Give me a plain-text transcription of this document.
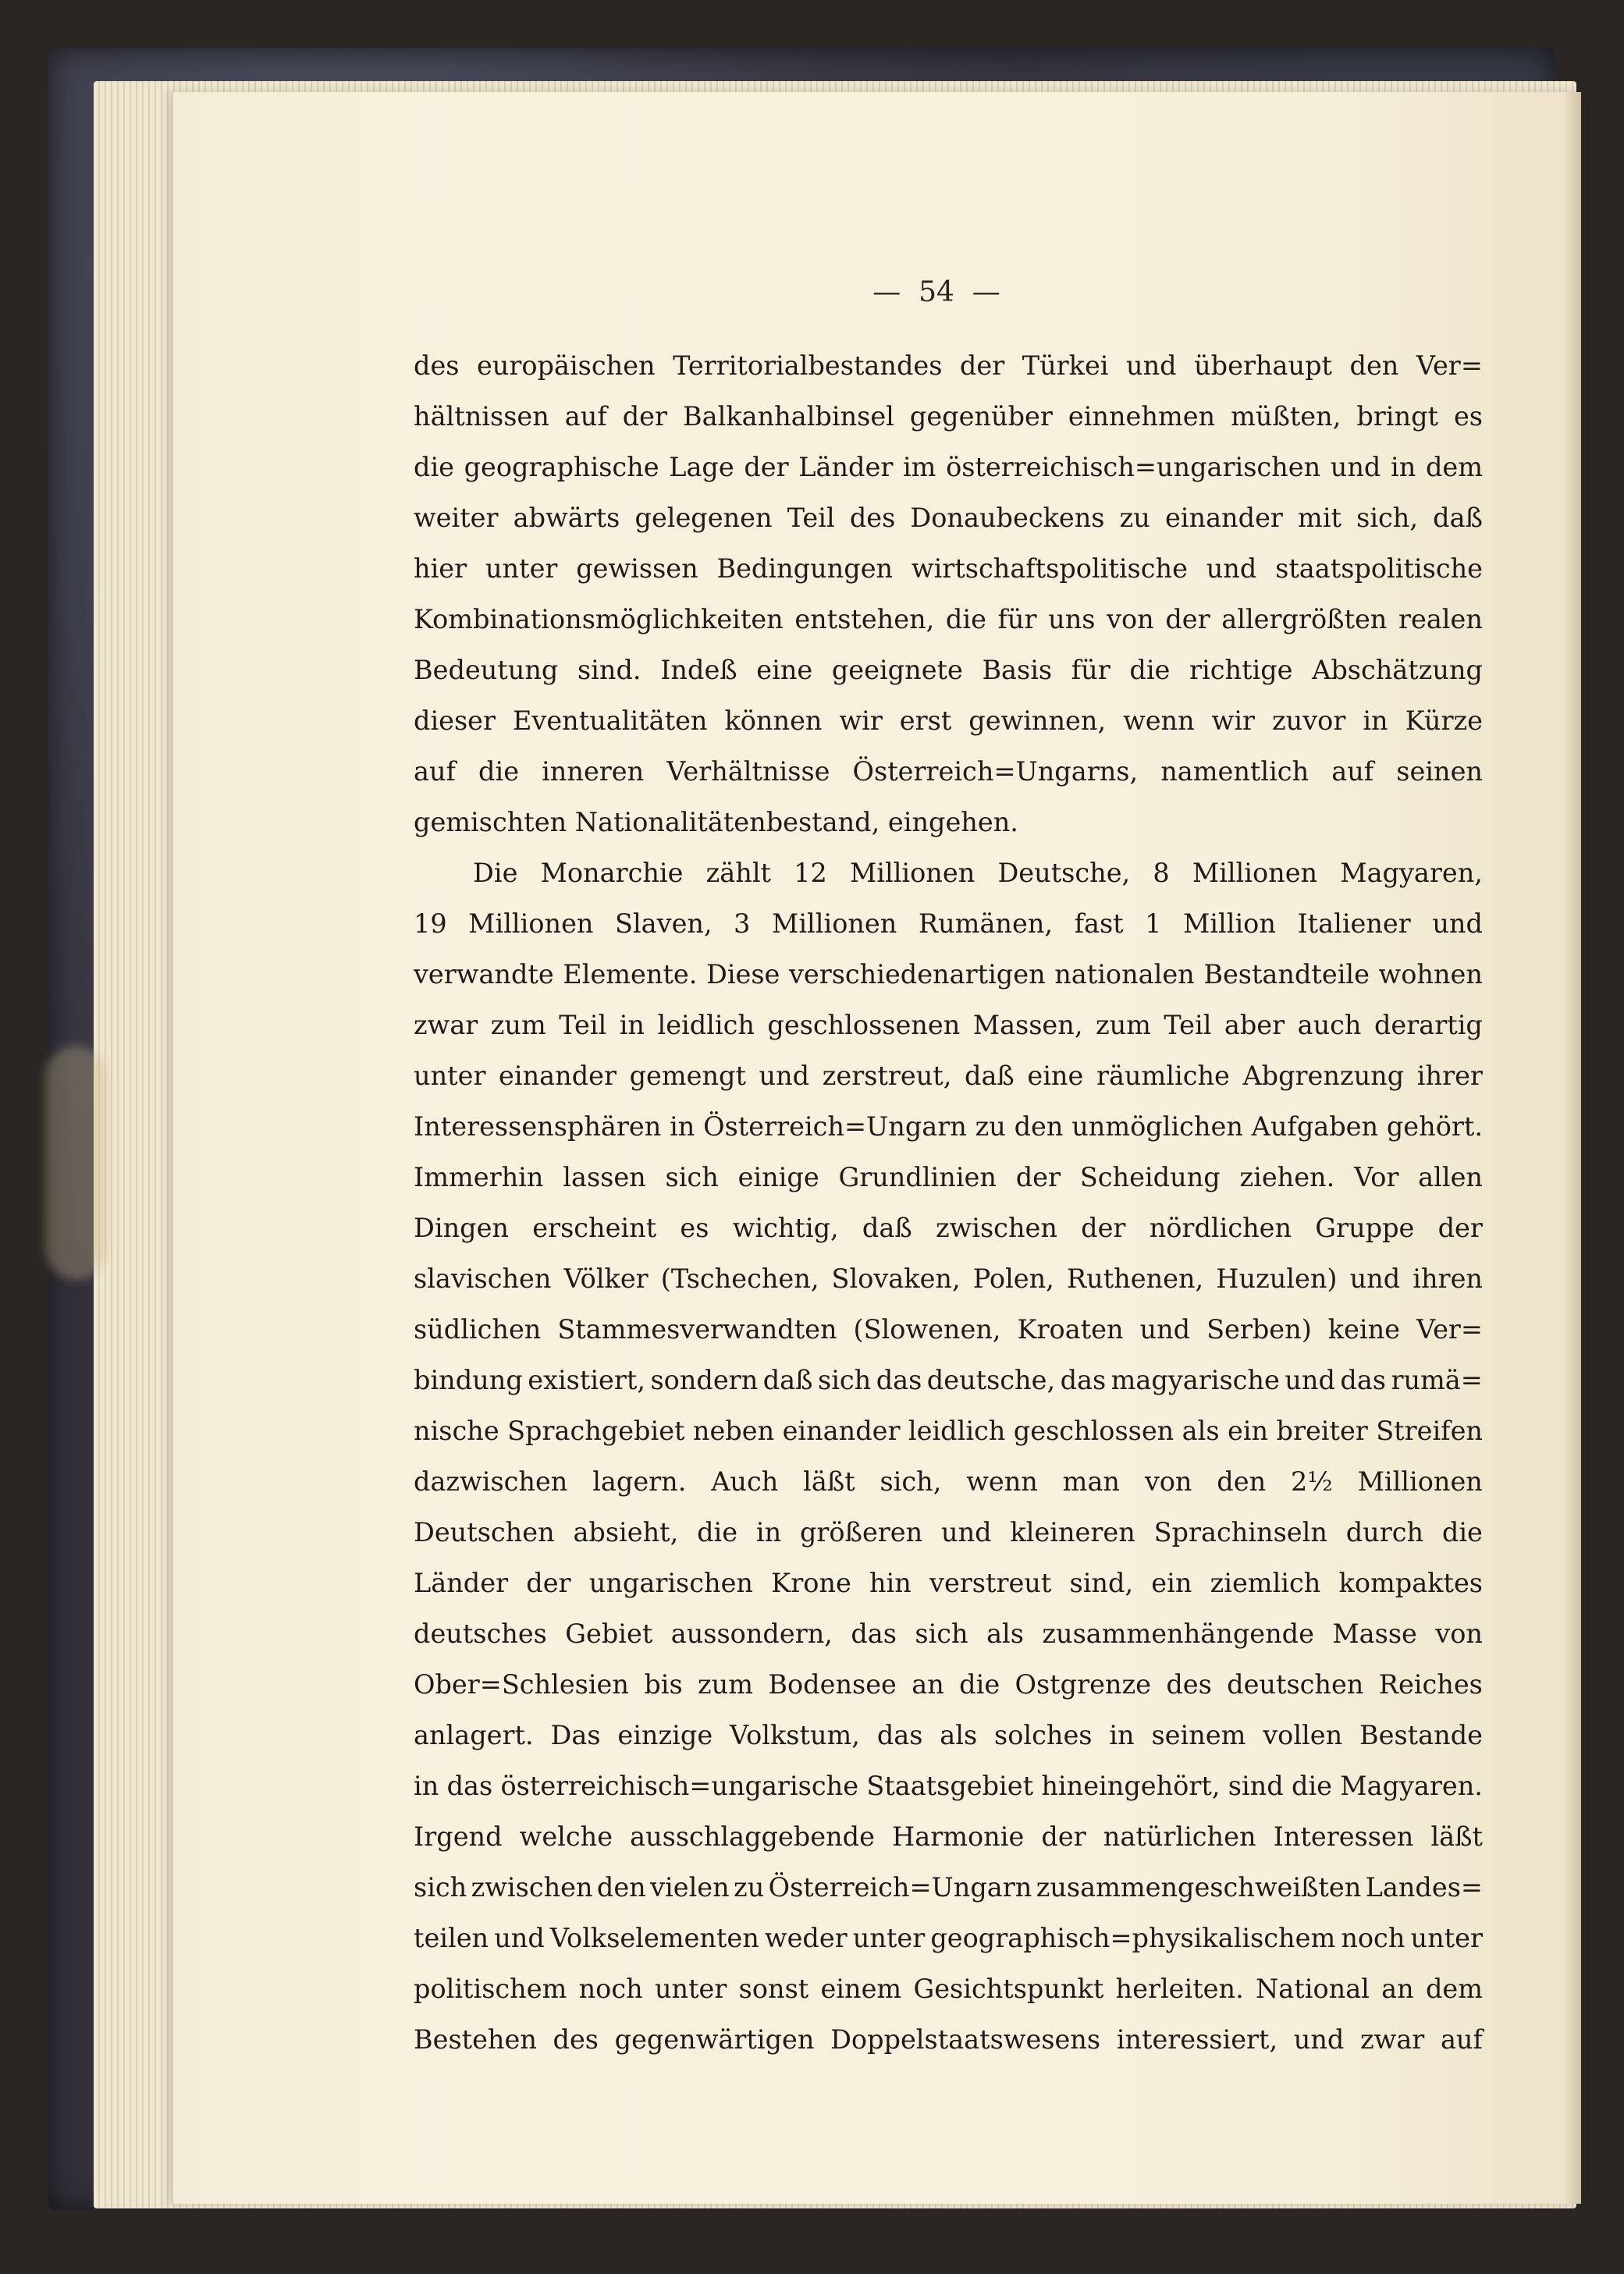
—  54  —
des europäischen Territorialbestandes der Türkei und überhaupt den Ver=
hältnissen auf der Balkanhalbinsel gegenüber einnehmen müßten, bringt es
die geographische Lage der Länder im österreichisch=ungarischen und in dem
weiter abwärts gelegenen Teil des Donaubeckens zu einander mit sich, daß
hier unter gewissen Bedingungen wirtschaftspolitische und staatspolitische
Kombinationsmöglichkeiten entstehen, die für uns von der allergrößten realen
Bedeutung sind. Indeß eine geeignete Basis für die richtige Abschätzung
dieser Eventualitäten können wir erst gewinnen, wenn wir zuvor in Kürze
auf die inneren Verhältnisse Österreich=Ungarns, namentlich auf seinen
gemischten Nationalitätenbestand, eingehen.
Die Monarchie zählt 12 Millionen Deutsche, 8 Millionen Magyaren,
19 Millionen Slaven, 3 Millionen Rumänen, fast 1 Million Italiener und
verwandte Elemente. Diese verschiedenartigen nationalen Bestandteile wohnen
zwar zum Teil in leidlich geschlossenen Massen, zum Teil aber auch derartig
unter einander gemengt und zerstreut, daß eine räumliche Abgrenzung ihrer
Interessensphären in Österreich=Ungarn zu den unmöglichen Aufgaben gehört.
Immerhin lassen sich einige Grundlinien der Scheidung ziehen. Vor allen
Dingen erscheint es wichtig, daß zwischen der nördlichen Gruppe der
slavischen Völker (Tschechen, Slovaken, Polen, Ruthenen, Huzulen) und ihren
südlichen Stammesverwandten (Slowenen, Kroaten und Serben) keine Ver=
bindung existiert, sondern daß sich das deutsche, das magyarische und das rumä=
nische Sprachgebiet neben einander leidlich geschlossen als ein breiter Streifen
dazwischen lagern. Auch läßt sich, wenn man von den 2½ Millionen
Deutschen absieht, die in größeren und kleineren Sprachinseln durch die
Länder der ungarischen Krone hin verstreut sind, ein ziemlich kompaktes
deutsches Gebiet aussondern, das sich als zusammenhängende Masse von
Ober=Schlesien bis zum Bodensee an die Ostgrenze des deutschen Reiches
anlagert. Das einzige Volkstum, das als solches in seinem vollen Bestande
in das österreichisch=ungarische Staatsgebiet hineingehört, sind die Magyaren.
Irgend welche ausschlaggebende Harmonie der natürlichen Interessen läßt
sich zwischen den vielen zu Österreich=Ungarn zusammengeschweißten Landes=
teilen und Volkselementen weder unter geographisch=physikalischem noch unter
politischem noch unter sonst einem Gesichtspunkt herleiten. National an dem
Bestehen des gegenwärtigen Doppelstaatswesens interessiert, und zwar auf
